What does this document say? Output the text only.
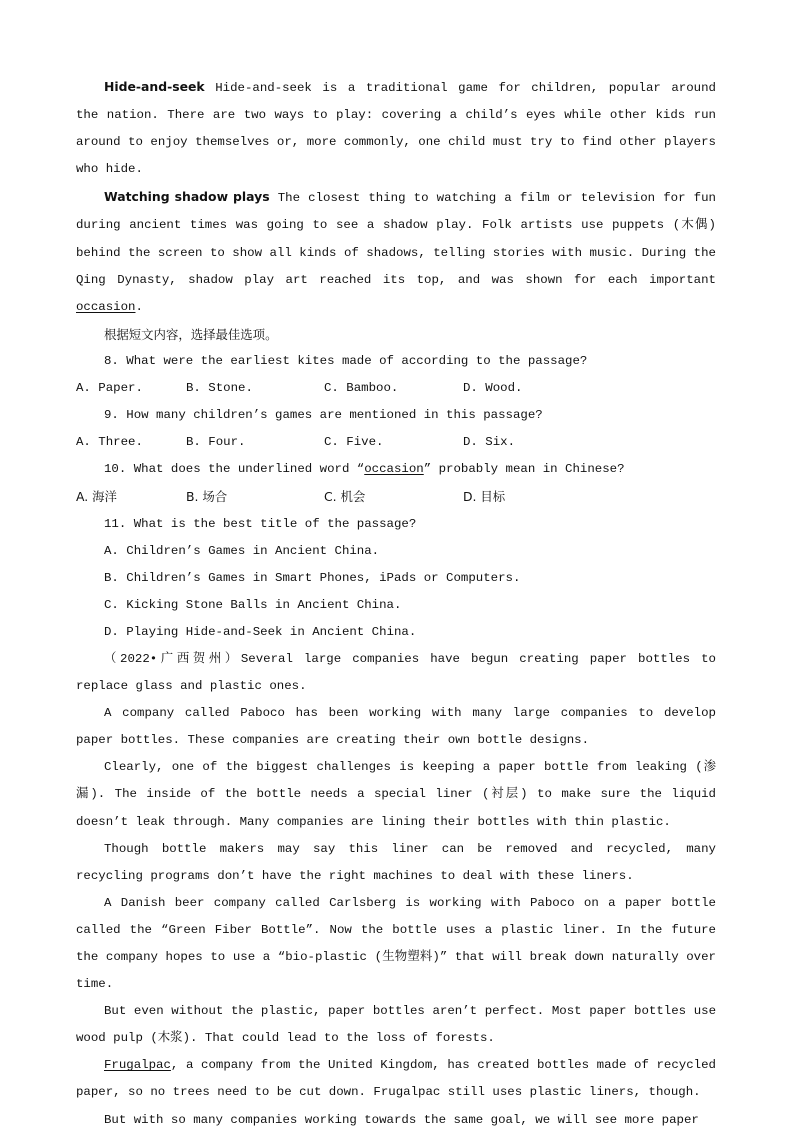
Hide-and-seek Hide-and-seek is a traditional game for children, popular around the nation. There are two ways to play: covering a child’s eyes while other kids run around to enjoy themselves or, more commonly, one child must try to find other players who hide.

Watching shadow plays The closest thing to watching a film or television for fun during ancient times was going to see a shadow play. Folk artists use puppets (木偶) behind the screen to show all kinds of shadows, telling stories with music. During the Qing Dynasty, shadow play art reached its top, and was shown for each important occasion.

根据短文内容，选择最佳选项。

8. What were the earliest kites made of according to the passage?

A. Paper.	B. Stone.	C. Bamboo.	D. Wood.

9. How many children’s games are mentioned in this passage?

A. Three.	B. Four.	C. Five.	D. Six.

10. What does the underlined word “occasion” probably mean in Chinese?

A. 海洋	B. 场合	C. 机会	D. 目标

11. What is the best title of the passage?

A. Children’s Games in Ancient China.

B. Children’s Games in Smart Phones, iPads or Computers.

C. Kicking Stone Balls in Ancient China.

D. Playing Hide-and-Seek in Ancient China.

（2022•广西贺州）Several large companies have begun creating paper bottles to replace glass and plastic ones.

A company called Paboco has been working with many large companies to develop paper bottles. These companies are creating their own bottle designs.

Clearly, one of the biggest challenges is keeping a paper bottle from leaking (渗漏). The inside of the bottle needs a special liner (衬层) to make sure the liquid doesn’t leak through. Many companies are lining their bottles with thin plastic.

Though bottle makers may say this liner can be removed and recycled, many recycling programs don’t have the right machines to deal with these liners.

A Danish beer company called Carlsberg is working with Paboco on a paper bottle called the “Green Fiber Bottle”. Now the bottle uses a plastic liner. In the future the company hopes to use a “bio-plastic (生物塑料)” that will break down naturally over time.

But even without the plastic, paper bottles aren’t perfect. Most paper bottles use wood pulp (木浆). That could lead to the loss of forests.

Frugalpac, a company from the United Kingdom, has created bottles made of recycled paper, so no trees need to be cut down. Frugalpac still uses plastic liners, though.

But with so many companies working towards the same goal, we will see more paper
